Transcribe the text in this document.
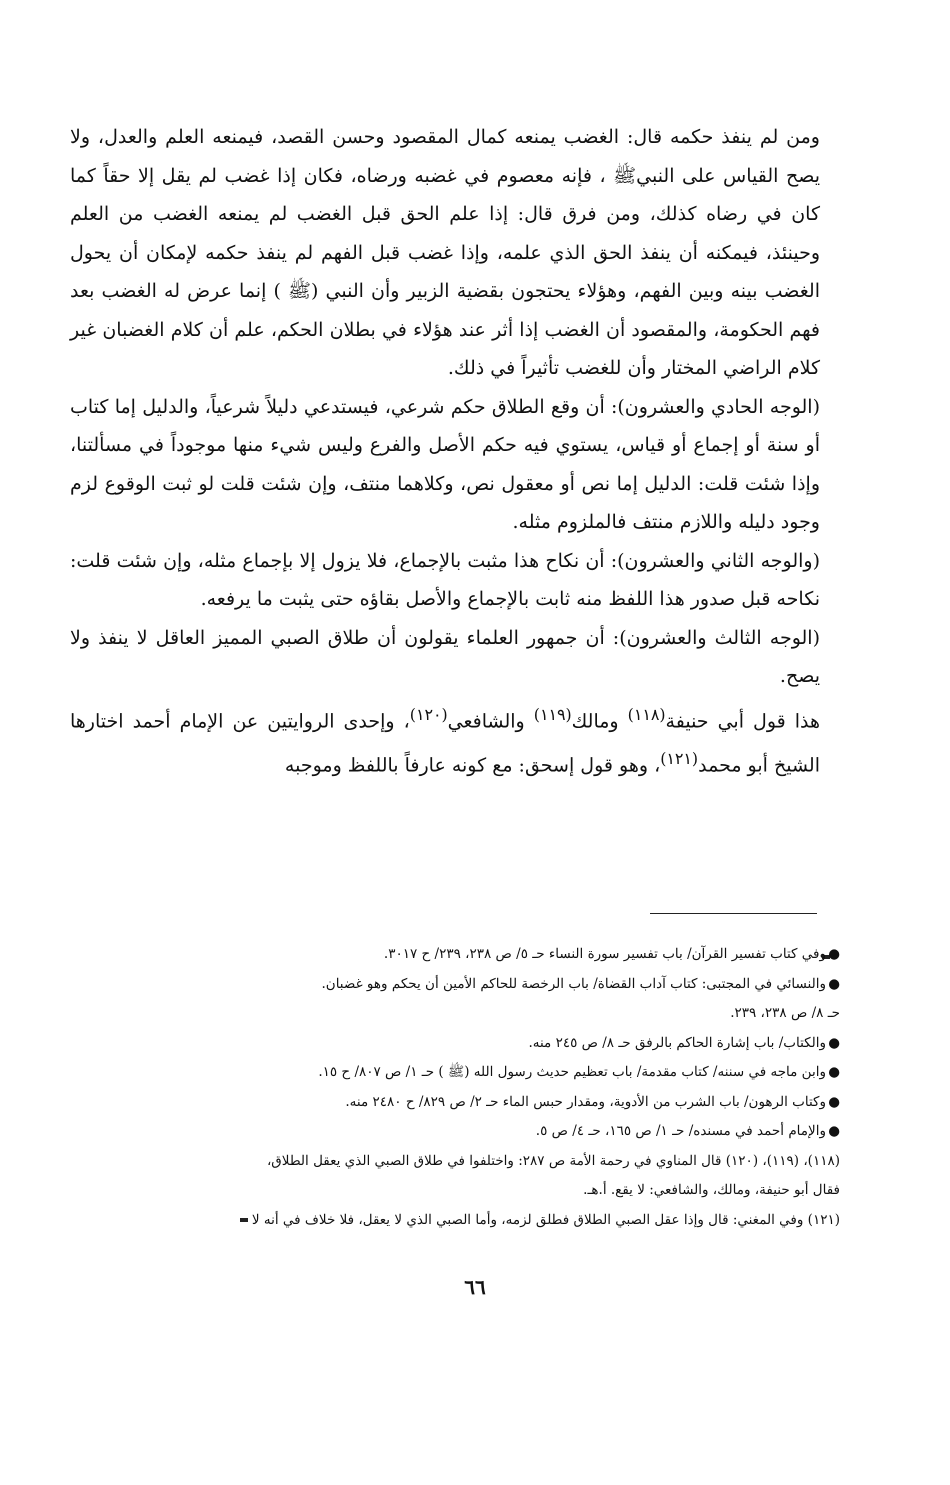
ومن لم ينفذ حكمه قال: الغضب يمنعه كمال المقصود وحسن القصد، فيمنعه العلم والعدل، ولا يصح القياس على النبيﷺ ، فإنه معصوم في غضبه ورضاه، فكان إذا غضب لم يقل إلا حقاً كما كان في رضاه كذلك، ومن فرق قال: إذا علم الحق قبل الغضب لم يمنعه الغضب من العلم وحينئذ، فيمكنه أن ينفذ الحق الذي علمه، وإذا غضب قبل الفهم لم ينفذ حكمه لإمكان أن يحول الغضب بينه وبين الفهم، وهؤلاء يحتجون بقضية الزبير وأن النبي (ﷺ ) إنما عرض له الغضب بعد فهم الحكومة، والمقصود أن الغضب إذا أثر عند هؤلاء في بطلان الحكم، علم أن كلام الغضبان غير كلام الراضي المختار وأن للغضب تأثيراً في ذلك.

(الوجه الحادي والعشرون): أن وقع الطلاق حكم شرعي، فيستدعي دليلاً شرعياً، والدليل إما كتاب أو سنة أو إجماع أو قياس، يستوي فيه حكم الأصل والفرع وليس شيء منها موجوداً في مسألتنا، وإذا شئت قلت: الدليل إما نص أو معقول نص، وكلاهما منتف، وإن شئت قلت لو ثبت الوقوع لزم وجود دليله واللازم منتف فالملزوم مثله.

(والوجه الثاني والعشرون): أن نكاح هذا مثبت بالإجماع، فلا يزول إلا بإجماع مثله، وإن شئت قلت: نكاحه قبل صدور هذا اللفظ منه ثابت بالإجماع والأصل بقاؤه حتى يثبت ما يرفعه.

(الوجه الثالث والعشرون): أن جمهور العلماء يقولون أن طلاق الصبي المميز العاقل لا ينفذ ولا يصح.

هذا قول أبي حنيفة$^{(١١٨)}$ ومالك$^{(١١٩)}$ والشافعي$^{(١٢٠)}$، وإحدى الروايتين عن الإمام أحمد اختارها الشيخ أبو محمد$^{(١٢١)}$، وهو قول إسحق: مع كونه عارفاً باللفظ وموجبه

●
وفي كتاب تفسير القرآن/ باب تفسير سورة النساء حـ ٥/ ص ٢٣٨، ٢٣٩/ ح ٣٠١٧.
●
والنسائي في المجتبى: كتاب آداب القضاة/ باب الرخصة للحاكم الأمين أن يحكم وهو غضبان.
حـ ٨/ ص ٢٣٨، ٢٣٩.
●
والكتاب/ باب إشارة الحاكم بالرفق حـ ٨/ ص ٢٤٥ منه.
●
وابن ماجه في سننه/ كتاب مقدمة/ باب تعظيم حديث رسول الله (ﷺ ) حـ ١/ ص ٨٠٧/ ح ١٥.
●
وكتاب الرهون/ باب الشرب من الأدوية، ومقدار حبس الماء حـ ٢/ ص ٨٢٩/ ح ٢٤٨٠ منه.
●
والإمام أحمد في مسنده/ حـ ١/ ص ١٦٥، حـ ٤/ ص ٥.
(١١٨)، (١١٩)، (١٢٠) قال المناوي في رحمة الأمة ص ٢٨٧: واختلفوا في طلاق الصبي الذي يعقل الطلاق،
فقال أبو حنيفة، ومالك، والشافعي: لا يقع. أ.هـ.
(١٢١) وفي المغني: قال وإذا عقل الصبي الطلاق فطلق لزمه، وأما الصبي الذي لا يعقل، فلا خلاف في أنه لا
٦٦
